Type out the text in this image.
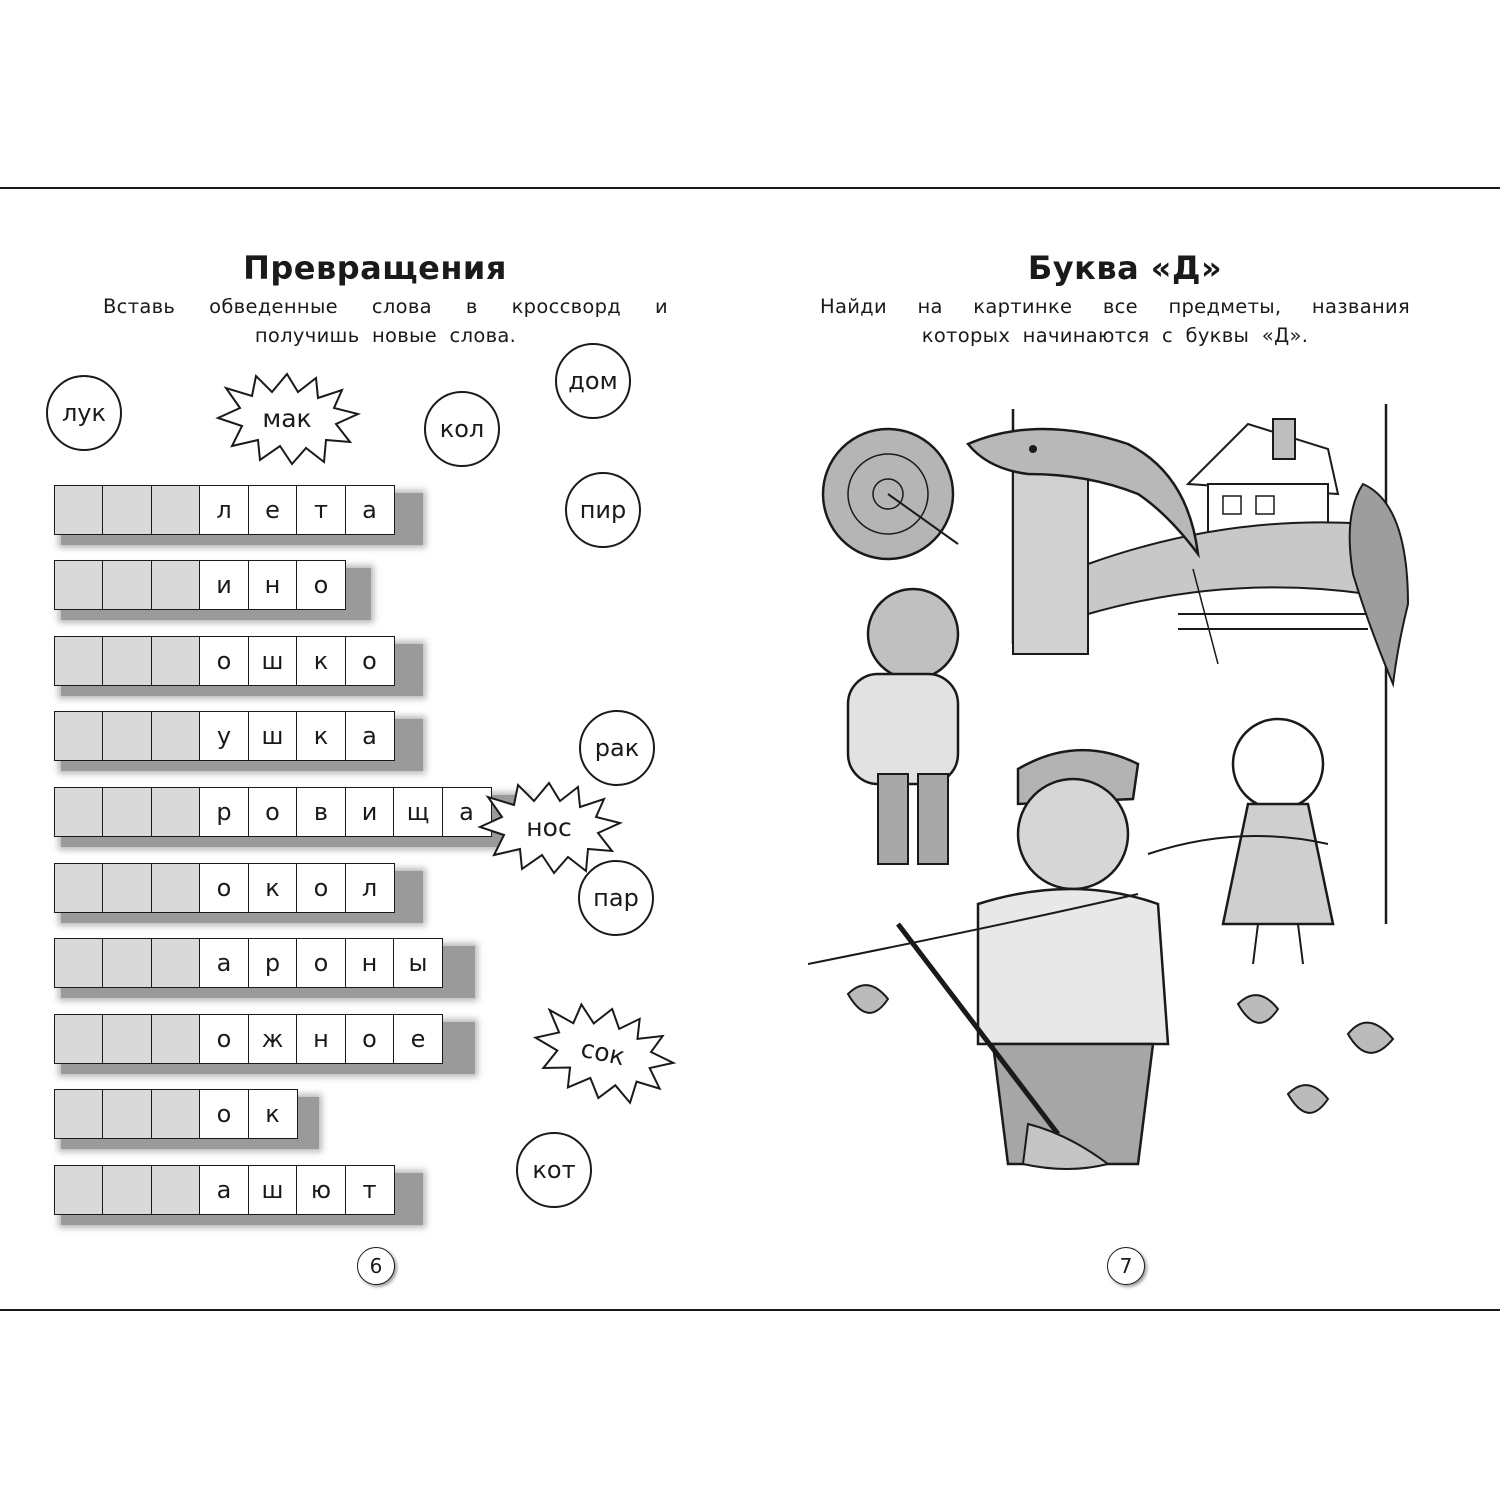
Превращения
Вставь обведенные слова в кроссворд и получишь новые слова.
л	е	т	а
и	н	о
о	ш	к	о
у	ш	к	а
р	о	в	и	щ	а
о	к	о	л
а	р	о	н	ы
о	ж	н	о	е
о	к
а	ш	ю	т
лук
кол
дом
пир
рак
пар
кот
мак
нос
сок
6
Буква «Д»
Найди на картинке все предметы, названия которых начинаются с буквы «Д».
7
